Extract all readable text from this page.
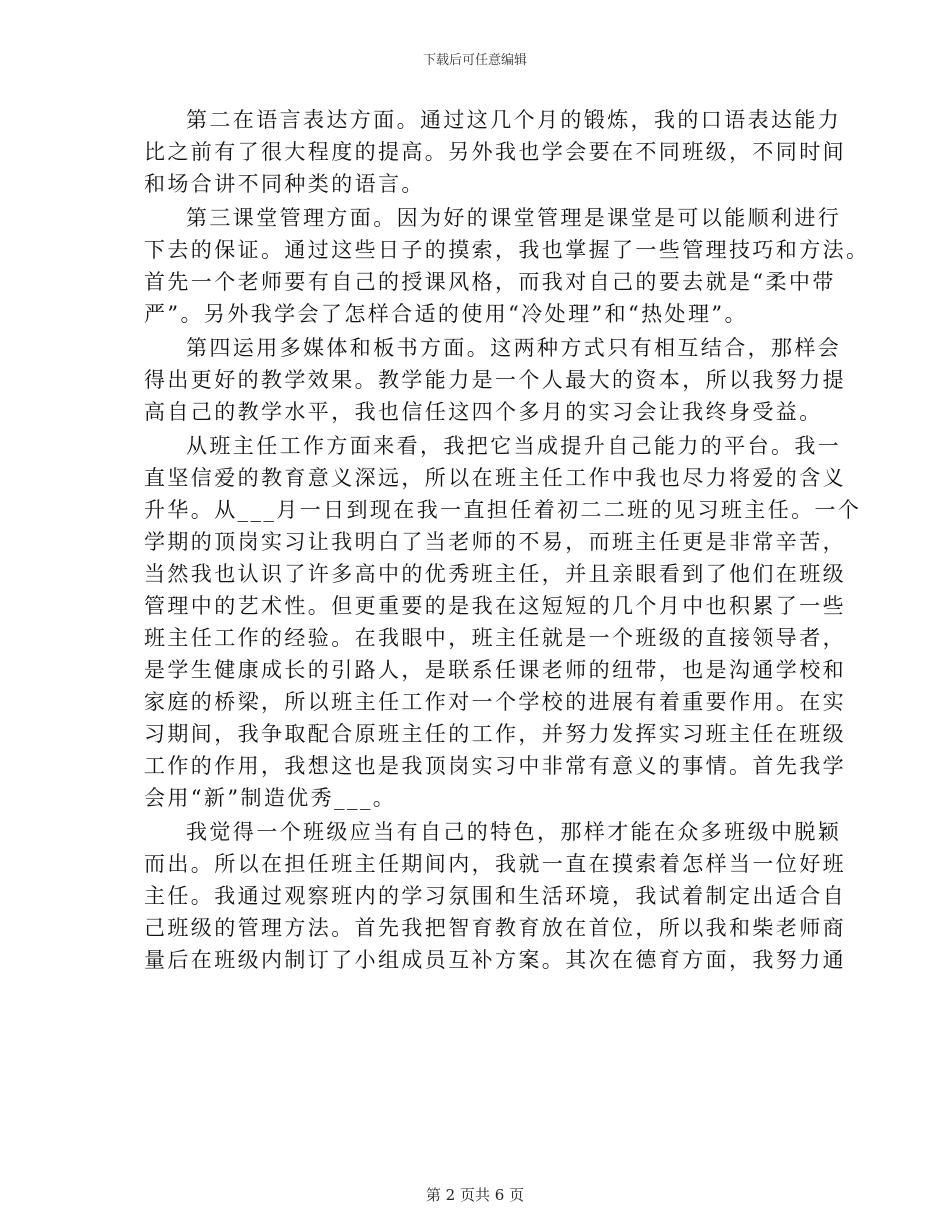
下载后可任意编辑
第二在语言表达方面。通过这几个月的锻炼，我的口语表达能力
比之前有了很大程度的提高。另外我也学会要在不同班级，不同时间
和场合讲不同种类的语言。
第三课堂管理方面。因为好的课堂管理是课堂是可以能顺利进行
下去的保证。通过这些日子的摸索，我也掌握了一些管理技巧和方法。
首先一个老师要有自己的授课风格，而我对自己的要去就是“柔中带
严”。另外我学会了怎样合适的使用“冷处理”和“热处理”。
第四运用多媒体和板书方面。这两种方式只有相互结合，那样会
得出更好的教学效果。教学能力是一个人最大的资本，所以我努力提
高自己的教学水平，我也信任这四个多月的实习会让我终身受益。
从班主任工作方面来看，我把它当成提升自己能力的平台。我一
直坚信爱的教育意义深远，所以在班主任工作中我也尽力将爱的含义
升华。从___月一日到现在我一直担任着初二二班的见习班主任。一个
学期的顶岗实习让我明白了当老师的不易，而班主任更是非常辛苦，
当然我也认识了许多高中的优秀班主任，并且亲眼看到了他们在班级
管理中的艺术性。但更重要的是我在这短短的几个月中也积累了一些
班主任工作的经验。在我眼中，班主任就是一个班级的直接领导者，
是学生健康成长的引路人，是联系任课老师的纽带，也是沟通学校和
家庭的桥梁，所以班主任工作对一个学校的进展有着重要作用。在实
习期间，我争取配合原班主任的工作，并努力发挥实习班主任在班级
工作的作用，我想这也是我顶岗实习中非常有意义的事情。首先我学
会用“新”制造优秀___。
我觉得一个班级应当有自己的特色，那样才能在众多班级中脱颖
而出。所以在担任班主任期间内，我就一直在摸索着怎样当一位好班
主任。我通过观察班内的学习氛围和生活环境，我试着制定出适合自
己班级的管理方法。首先我把智育教育放在首位，所以我和柴老师商
量后在班级内制订了小组成员互补方案。其次在德育方面，我努力通
第 2 页共 6 页
